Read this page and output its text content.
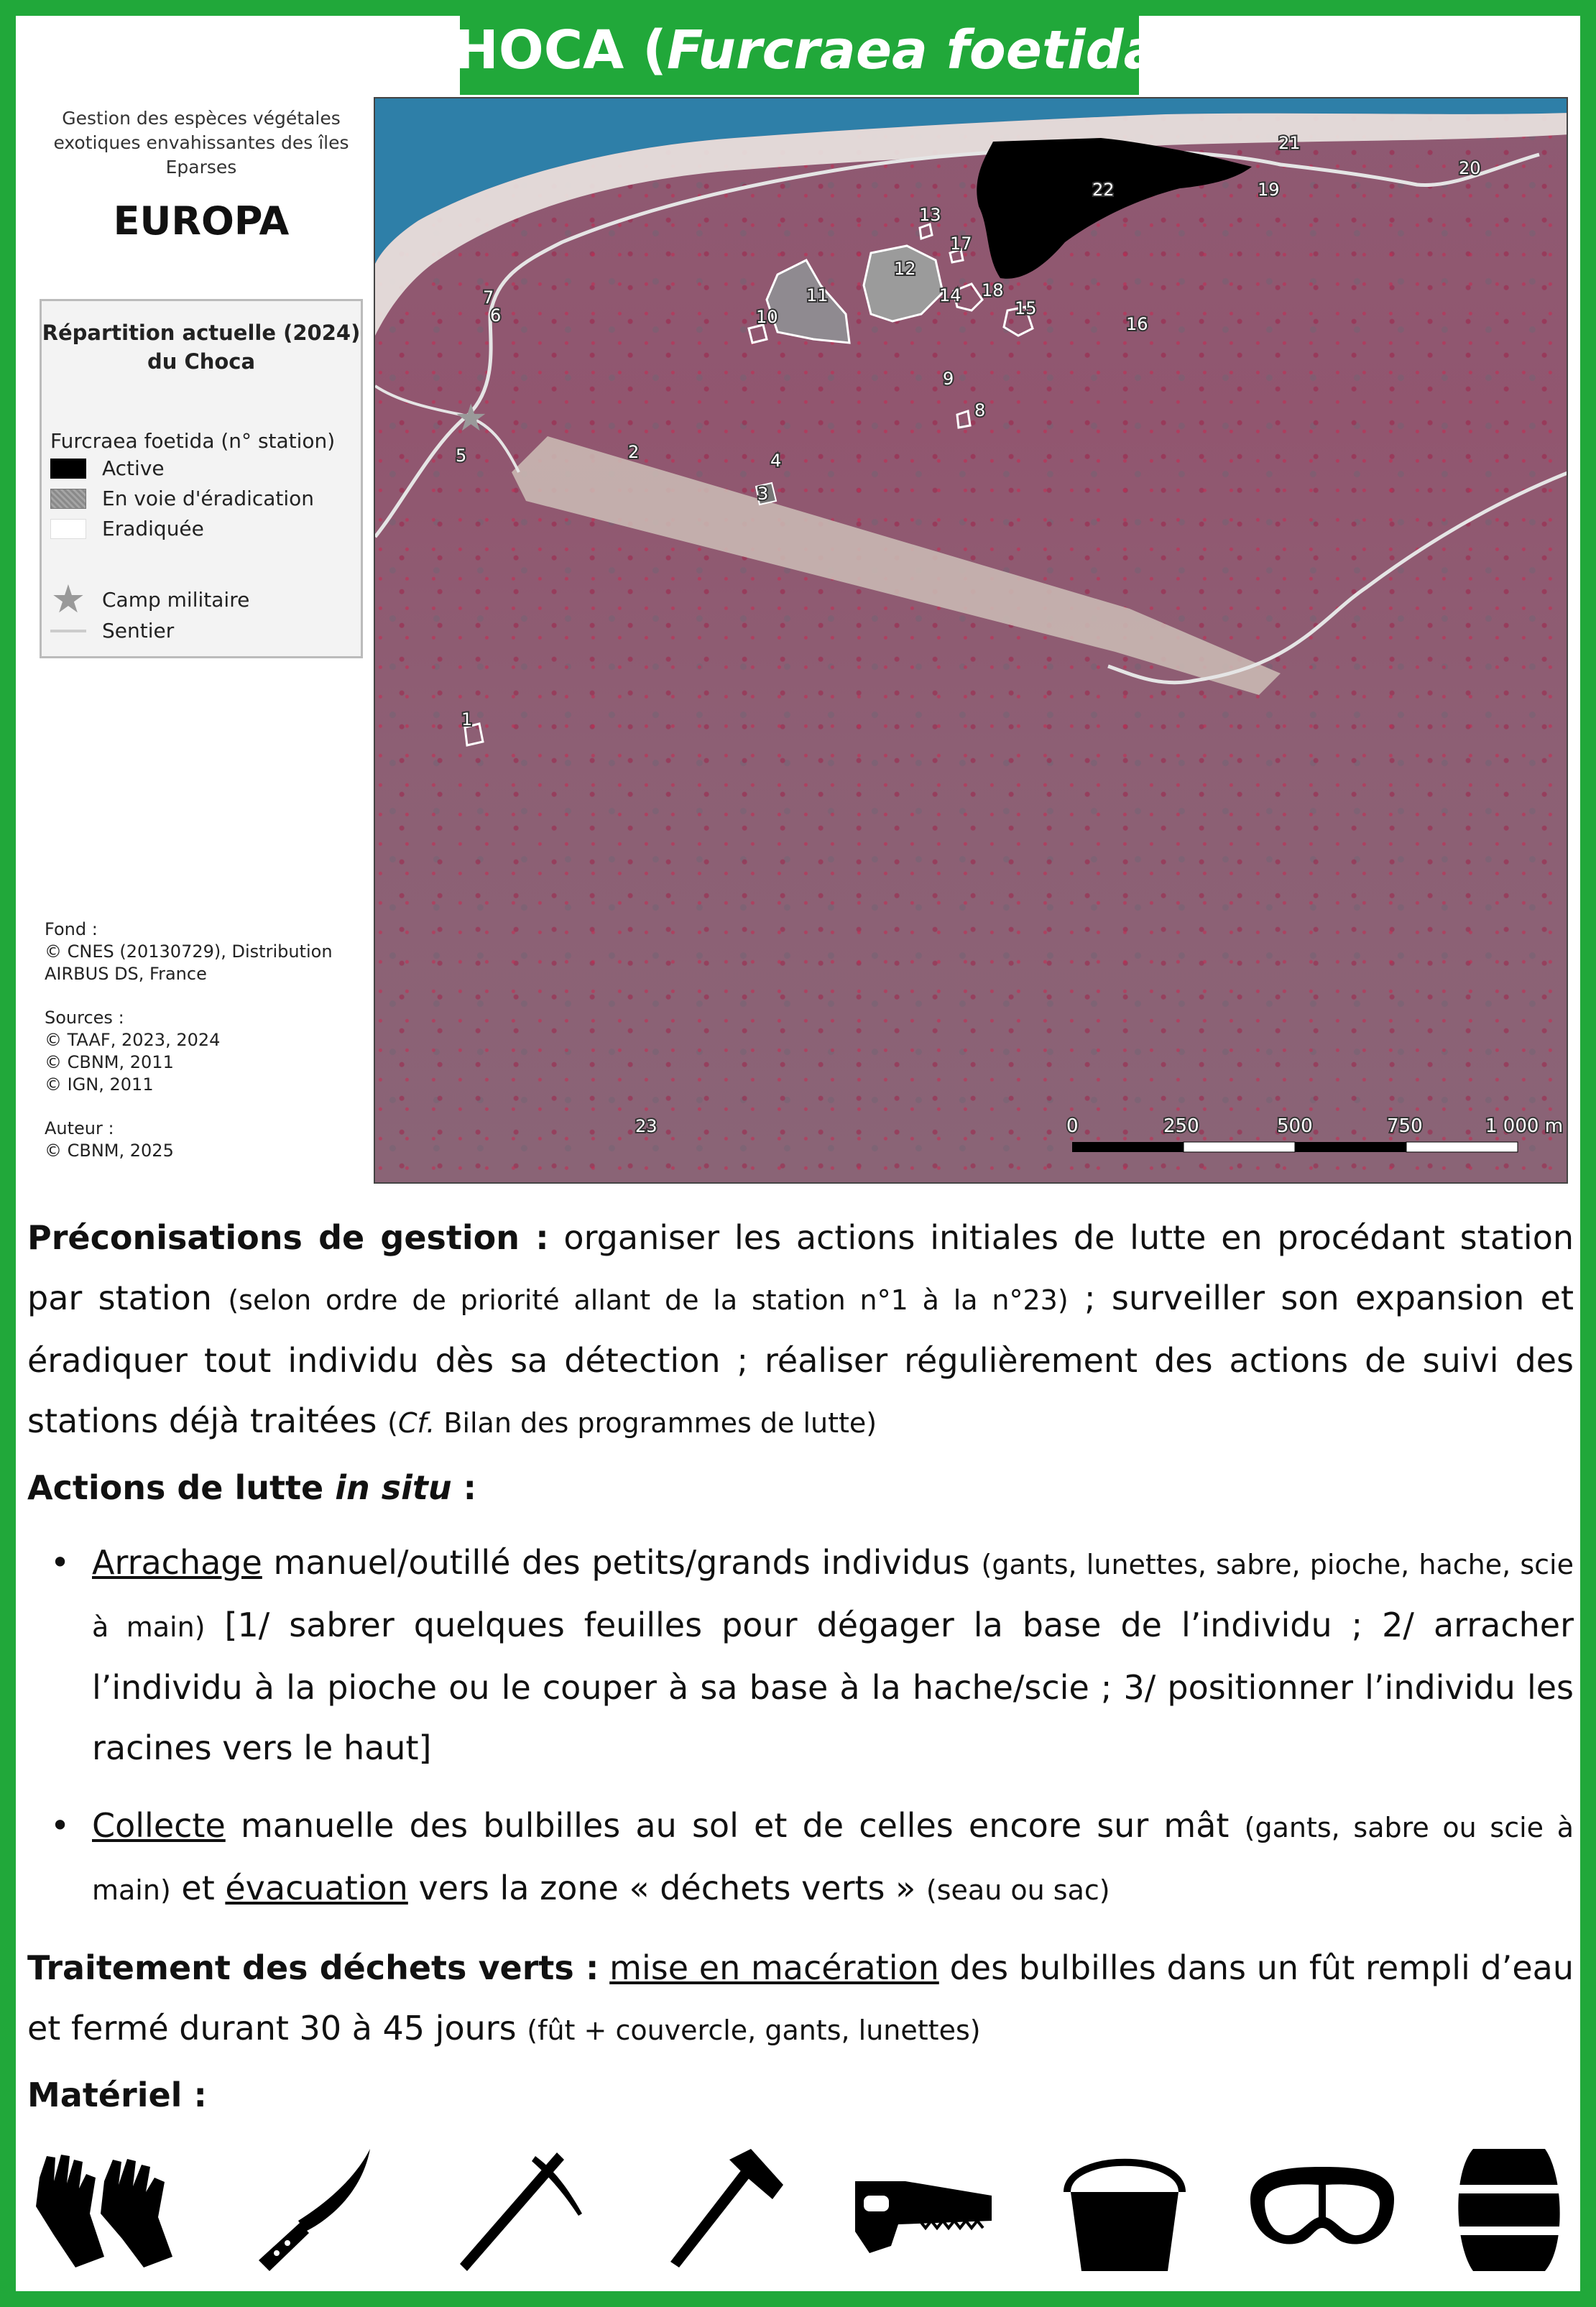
CHOCA ( Furcraea foetida )
Gestion des espèces végétales
exotiques envahissantes des îles Eparses
EUROPA
Répartition actuelle (2024)
du Choca
Furcraea foetida (n° station)
Active
En voie d'éradication
Eradiquée
★ Camp militaire
Sentier

Fond :
© CNES (20130729), Distribution
AIRBUS DS, France

Sources :
© TAAF, 2023, 2024
© CBNM, 2011
© IGN, 2011

Auteur :
© CBNM, 2025

★
1
2
3
4
5
6
7
8
9
10
11
12
13
14
15
16
17
18
19
20
21
22
23	0	250	500	750	1 000 m

Préconisations de gestion : organiser les actions initiales de lutte en procédant station par station (selon ordre de priorité allant de la station n°1 à la n°23) ; surveiller son expansion et éradiquer tout individu dès sa détection ; réaliser régulièrement des actions de suivi des stations déjà traitées (Cf. Bilan des programmes de lutte)

Actions de lutte in situ :

• Arrachage manuel/outillé des petits/grands individus (gants, lunettes, sabre, pioche, hache, scie à main) [1/ sabrer quelques feuilles pour dégager la base de l’individu ; 2/ arracher l’individu à la pioche ou le couper à sa base à la hache/scie ; 3/ positionner l’individu les racines vers le haut]
• Collecte manuelle des bulbilles au sol et de celles encore sur mât (gants, sabre ou scie à main) et évacuation vers la zone « déchets verts » (seau ou sac)

Traitement des déchets verts : mise en macération des bulbilles dans un fût rempli d’eau et fermé durant 30 à 45 jours (fût + couvercle, gants, lunettes)

Matériel :
